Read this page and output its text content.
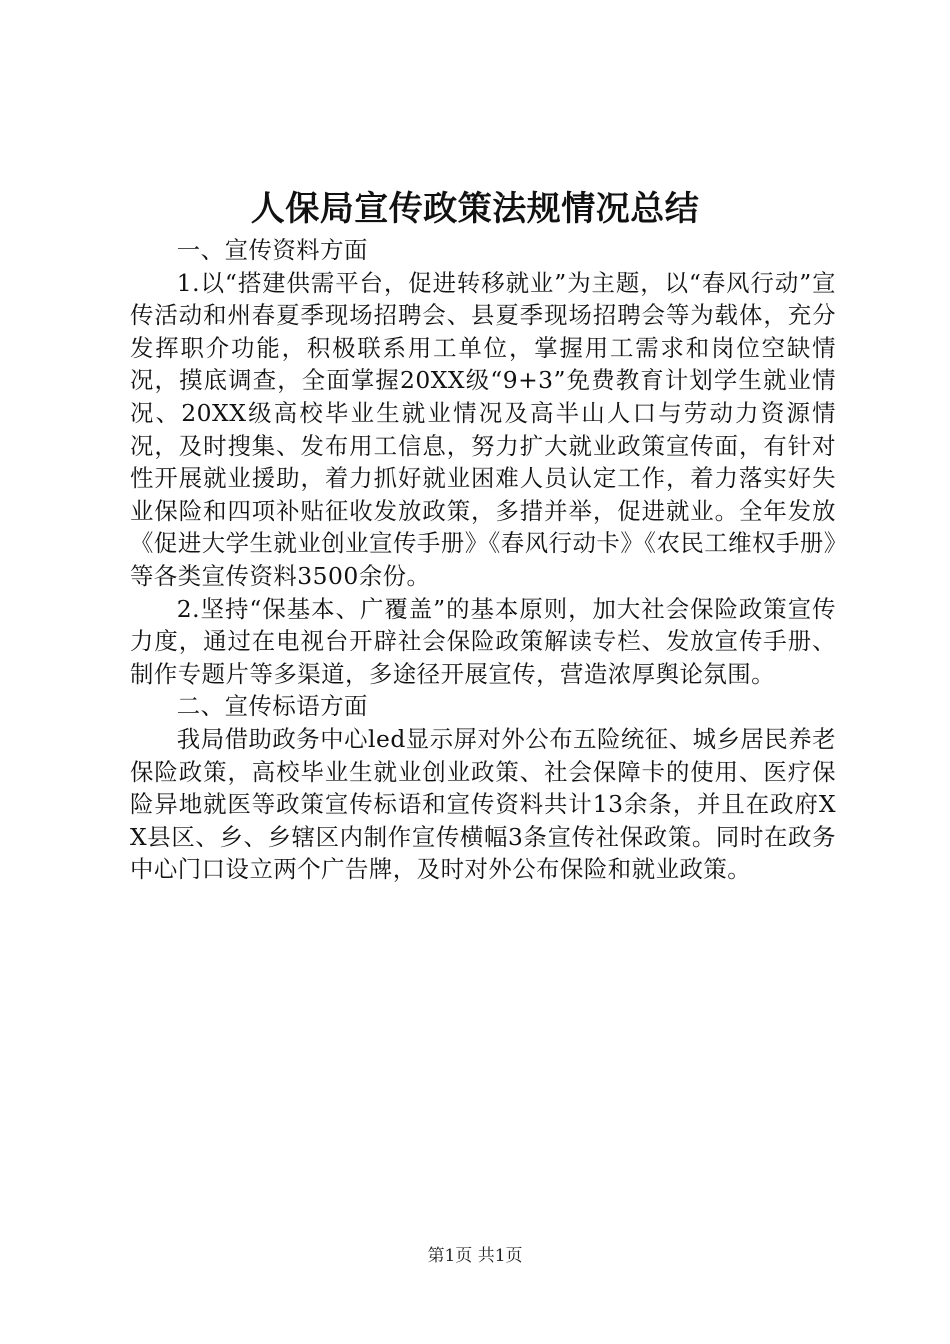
人保局宣传政策法规情况总结

一、宣传资料方面

1.以“搭建供需平台，促进转移就业”为主题，以“春风行动”宣传活动和州春夏季现场招聘会、县夏季现场招聘会等为载体，充分发挥职介功能，积极联系用工单位，掌握用工需求和岗位空缺情况，摸底调查，全面掌握20XX级“9+3”免费教育计划学生就业情况、20XX级高校毕业生就业情况及高半山人口与劳动力资源情况，及时搜集、发布用工信息，努力扩大就业政策宣传面，有针对性开展就业援助，着力抓好就业困难人员认定工作，着力落实好失业保险和四项补贴征收发放政策，多措并举，促进就业。全年发放《促进大学生就业创业宣传手册》《春风行动卡》《农民工维权手册》等各类宣传资料3500余份。

2.坚持“保基本、广覆盖”的基本原则，加大社会保险政策宣传力度，通过在电视台开辟社会保险政策解读专栏、发放宣传手册、制作专题片等多渠道，多途径开展宣传，营造浓厚舆论氛围。

二、宣传标语方面

我局借助政务中心led显示屏对外公布五险统征、城乡居民养老保险政策，高校毕业生就业创业政策、社会保障卡的使用、医疗保险异地就医等政策宣传标语和宣传资料共计13余条，并且在政府XX县区、乡、乡辖区内制作宣传横幅3条宣传社保政策。同时在政务中心门口设立两个广告牌，及时对外公布保险和就业政策。

第1页 共1页
